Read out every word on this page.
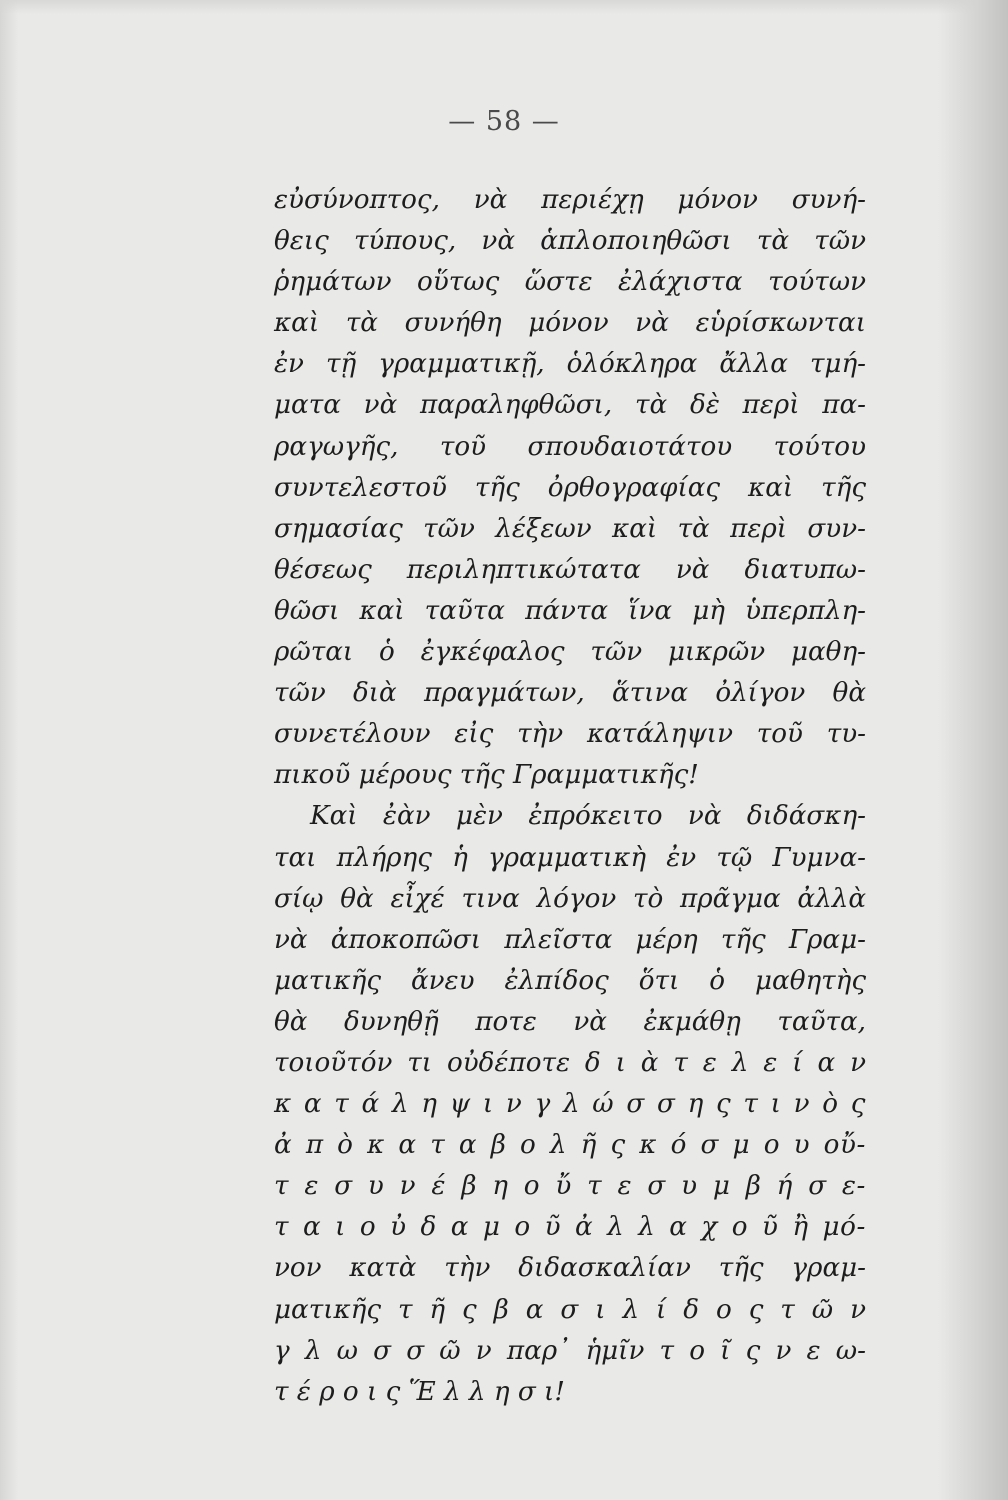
— 58 —
εὐσύνοπτος, νὰ περιέχῃ μόνον συνή-
θεις τύπους, νὰ ἁπλοποιηθῶσι τὰ τῶν
ῥημάτων οὕτως ὥστε ἐλάχιστα τούτων
καὶ τὰ συνήθη μόνον νὰ εὑρίσκωνται
ἐν τῇ γραμματικῇ, ὁλόκληρα ἄλλα τμή-
ματα νὰ παραληφθῶσι, τὰ δὲ περὶ πα-
ραγωγῆς, τοῦ σπουδαιοτάτου τούτου
συντελεστοῦ τῆς ὀρθογραφίας καὶ τῆς
σημασίας τῶν λέξεων καὶ τὰ περὶ συν-
θέσεως περιληπτικώτατα νὰ διατυπω-
θῶσι καὶ ταῦτα πάντα ἵνα μὴ ὑπερπλη-
ρῶται ὁ ἐγκέφαλος τῶν μικρῶν μαθη-
τῶν διὰ πραγμάτων, ἅτινα ὀλίγον θὰ
συνετέλουν εἰς τὴν κατάληψιν τοῦ τυ-
πικοῦ μέρους τῆς Γραμματικῆς!
Καὶ ἐὰν μὲν ἐπρόκειτο νὰ διδάσκη-
ται πλήρης ἡ γραμματικὴ ἐν τῷ Γυμνα-
σίῳ θὰ εἶχέ τινα λόγον τὸ πρᾶγμα ἀλλὰ
νὰ ἀποκοπῶσι πλεῖστα μέρη τῆς Γραμ-
ματικῆς ἄνευ ἐλπίδος ὅτι ὁ μαθητὴς
θὰ δυνηθῇ ποτε νὰ ἐκμάθῃ ταῦτα,
τοιοῦτόν τι οὐδέποτε δ ι ὰ τ ε λ ε ί α ν
κ α τ ά λ η ψ ι ν γ λ ώ σ σ η ς τ ι ν ὸ ς
ἀ π ὸ κ α τ α β ο λ ῆ ς κ ό σ μ ο υ οὔ-
τ ε σ υ ν έ β η ο ὔ τ ε σ υ μ β ή σ ε-
τ α ι ο ὐ δ α μ ο ῦ ἀ λ λ α χ ο ῦ ἢ μό-
νον κατὰ τὴν διδασκαλίαν τῆς γραμ-
ματικῆς τ ῆ ς β α σ ι λ ί δ ο ς τ ῶ ν
γ λ ω σ σ ῶ ν παρ᾽ ἡμῖν τ ο ῖ ς ν ε ω-
τ έ ρ ο ι ς Ἕ λ λ η σ ι!
